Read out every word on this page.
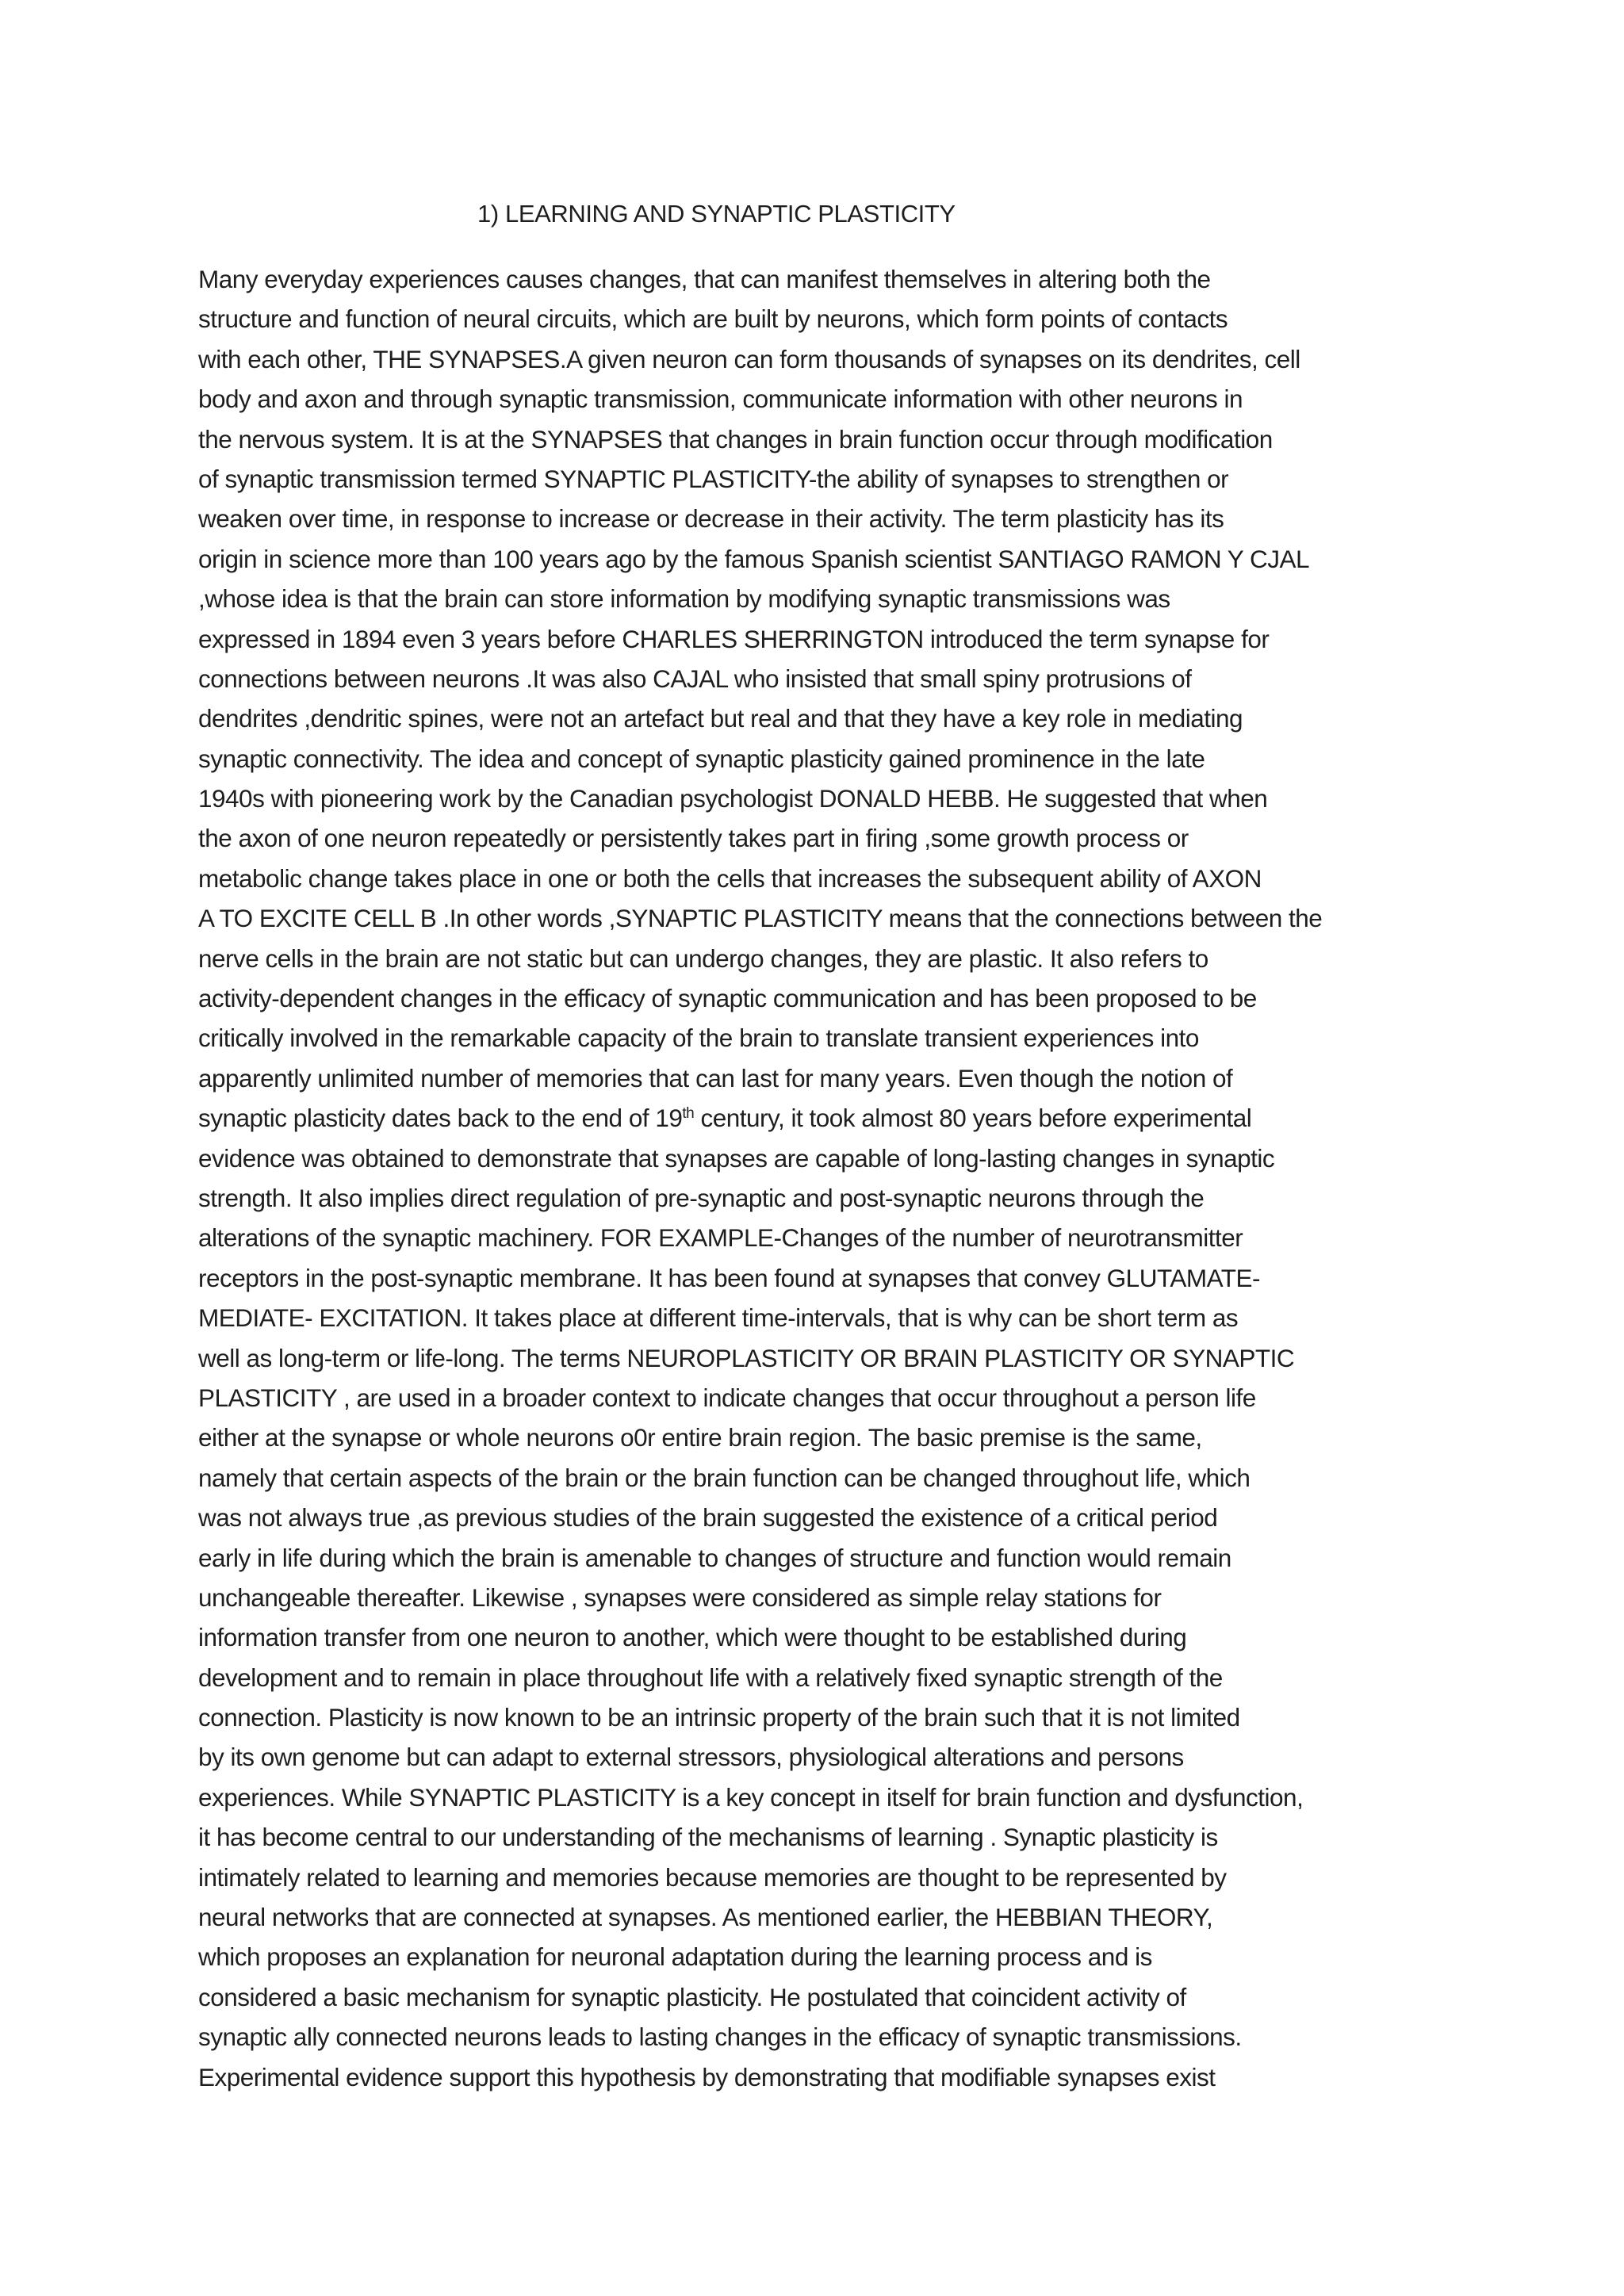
1) LEARNING AND SYNAPTIC PLASTICITY
Many everyday experiences causes changes, that can manifest themselves in altering both the
structure and function of neural circuits, which are built by neurons, which form points of contacts
with each other, THE SYNAPSES.A given neuron can form thousands of synapses on its dendrites, cell
body and axon and through synaptic transmission, communicate information with other neurons in
the nervous system. It is at the SYNAPSES that changes in brain function occur through modification
of synaptic transmission termed SYNAPTIC PLASTICITY-the ability of synapses to strengthen or
weaken over time, in response to increase or decrease in their activity. The term plasticity has its
origin in science more than 100 years ago by the famous Spanish scientist SANTIAGO RAMON Y CJAL
,whose idea is that the brain can store information by modifying synaptic transmissions was
expressed in 1894 even 3 years before CHARLES SHERRINGTON introduced the term synapse for
connections between neurons .It was also CAJAL who insisted that small spiny protrusions of
dendrites ,dendritic spines, were not an artefact but real and that they have a key role in mediating
synaptic connectivity. The idea and concept of synaptic plasticity gained prominence in the late
1940s with pioneering work by the Canadian psychologist DONALD HEBB. He suggested that when
the axon of one neuron repeatedly or persistently takes part in firing ,some growth process or
metabolic change takes place in one or both the cells that increases the subsequent ability of AXON
A TO EXCITE CELL B .In other words ,SYNAPTIC PLASTICITY means that the connections between the
nerve cells in the brain are not static but can undergo changes, they are plastic. It also refers to
activity-dependent changes in the efficacy of synaptic communication and has been proposed to be
critically involved in the remarkable capacity of the brain to translate transient experiences into
apparently unlimited number of memories that can last for many years. Even though the notion of
synaptic plasticity dates back to the end of 19th century, it took almost 80 years before experimental
evidence was obtained to demonstrate that synapses are capable of long-lasting changes in synaptic
strength. It also implies direct regulation of pre-synaptic and post-synaptic neurons through the
alterations of the synaptic machinery. FOR EXAMPLE-Changes of the number of neurotransmitter
receptors in the post-synaptic membrane. It has been found at synapses that convey GLUTAMATE-
MEDIATE- EXCITATION. It takes place at different time-intervals, that is why can be short term as
well as long-term or life-long. The terms NEUROPLASTICITY OR BRAIN PLASTICITY OR SYNAPTIC
PLASTICITY , are used in a broader context to indicate changes that occur throughout a person life
either at the synapse or whole neurons o0r entire brain region. The basic premise is the same,
namely that certain aspects of the brain or the brain function can be changed throughout life, which
was not always true ,as previous studies of the brain suggested the existence of a critical period
early in life during which the brain is amenable to changes of structure and function would remain
unchangeable thereafter. Likewise , synapses were considered as simple relay stations for
information transfer from one neuron to another, which were thought to be established during
development and to remain in place throughout life with a relatively fixed synaptic strength of the
connection. Plasticity is now known to be an intrinsic property of the brain such that it is not limited
by its own genome but can adapt to external stressors, physiological alterations and persons
experiences. While SYNAPTIC PLASTICITY is a key concept in itself for brain function and dysfunction,
it has become central to our understanding of the mechanisms of learning . Synaptic plasticity is
intimately related to learning and memories because memories are thought to be represented by
neural networks that are connected at synapses. As mentioned earlier, the HEBBIAN THEORY,
which proposes an explanation for neuronal adaptation during the learning process and is
considered a basic mechanism for synaptic plasticity. He postulated that coincident activity of
synaptic ally connected neurons leads to lasting changes in the efficacy of synaptic transmissions.
Experimental evidence support this hypothesis by demonstrating that modifiable synapses exist
